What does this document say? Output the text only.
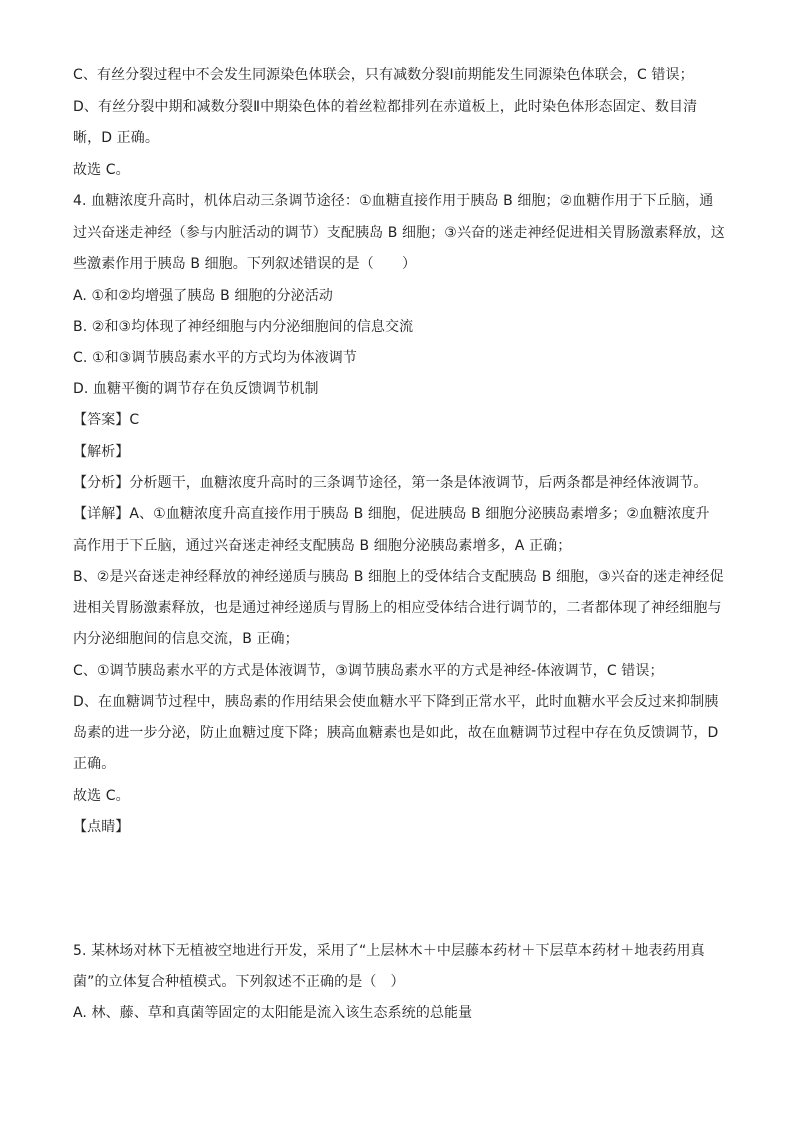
C、有丝分裂过程中不会发生同源染色体联会，只有减数分裂Ⅰ前期能发生同源染色体联会，C 错误；
D、有丝分裂中期和减数分裂Ⅱ中期染色体的着丝粒都排列在赤道板上，此时染色体形态固定、数目清
晰，D 正确。
故选 C。
4. 血糖浓度升高时，机体启动三条调节途径：①血糖直接作用于胰岛 B 细胞；②血糖作用于下丘脑，通
过兴奋迷走神经（参与内脏活动的调节）支配胰岛 B 细胞；③兴奋的迷走神经促进相关胃肠激素释放，这
些激素作用于胰岛 B 细胞。下列叙述错误的是（　　）
A. ①和②均增强了胰岛 B 细胞的分泌活动
B. ②和③均体现了神经细胞与内分泌细胞间的信息交流
C. ①和③调节胰岛素水平的方式均为体液调节
D. 血糖平衡的调节存在负反馈调节机制
【答案】C
【解析】
【分析】分析题干，血糖浓度升高时的三条调节途径，第一条是体液调节，后两条都是神经体液调节。
【详解】A、①血糖浓度升高直接作用于胰岛 B 细胞，促进胰岛 B 细胞分泌胰岛素增多；②血糖浓度升
高作用于下丘脑，通过兴奋迷走神经支配胰岛 B 细胞分泌胰岛素增多，A 正确；
B、②是兴奋迷走神经释放的神经递质与胰岛 B 细胞上的受体结合支配胰岛 B 细胞，③兴奋的迷走神经促
进相关胃肠激素释放，也是通过神经递质与胃肠上的相应受体结合进行调节的，二者都体现了神经细胞与
内分泌细胞间的信息交流，B 正确；
C、①调节胰岛素水平的方式是体液调节，③调节胰岛素水平的方式是神经-体液调节，C 错误；
D、在血糖调节过程中，胰岛素的作用结果会使血糖水平下降到正常水平，此时血糖水平会反过来抑制胰
岛素的进一步分泌，防止血糖过度下降；胰高血糖素也是如此，故在血糖调节过程中存在负反馈调节，D
正确。
故选 C。
【点睛】
5. 某林场对林下无植被空地进行开发，采用了“上层林木＋中层藤本药材＋下层草本药材＋地表药用真
菌”的立体复合种植模式。下列叙述不正确的是（　）
A. 林、藤、草和真菌等固定的太阳能是流入该生态系统的总能量
